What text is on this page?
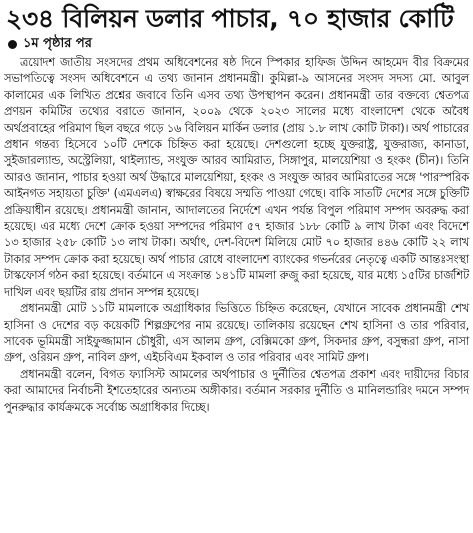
২৩৪ বিলিয়ন ডলার পাচার, ৭০ হাজার কোটি
১ম পৃষ্ঠার পর

ত্রয়োদশ জাতীয় সংসদের প্রথম অধিবেশনের ষষ্ঠ দিনে স্পিকার হাফিজ উদ্দিন আহমেদ বীর বিক্রমের সভাপতিত্বে সংসদ অধিবেশনে এ তথ্য জানান প্রধানমন্ত্রী। কুমিল্লা-৯ আসনের সংসদ সদস্য মো. আবুল কালামের এক লিখিত প্রশ্নের জবাবে তিনি এসব তথ্য উপস্থাপন করেন। প্রধানমন্ত্রী তার বক্তব্যে শ্বেতপত্র প্রণয়ন কমিটির তথ্যের বরাতে জানান, ২০০৯ থেকে ২০২৩ সালের মধ্যে বাংলাদেশ থেকে অবৈধ অর্থপ্রবাহের পরিমাণ ছিল বছরে গড়ে ১৬ বিলিয়ন মার্কিন ডলার (প্রায় ১.৮ লাখ কোটি টাকা)। অর্থ পাচারের প্রধান গন্তব্য হিসেবে ১০টি দেশকে চিহ্নিত করা হয়েছে। দেশগুলো হচ্ছে যুক্তরাষ্ট্র, যুক্তরাজ্য, কানাডা, সুইজারল্যান্ড, অস্ট্রেলিয়া, থাইল্যান্ড, সংযুক্ত আরব আমিরাত, সিঙ্গাপুর, মালয়েশিয়া ও হংকং (চীন)। তিনি আরও জানান, পাচার হওয়া অর্থ উদ্ধারে মালয়েশিয়া, হংকং ও সংযুক্ত আরব আমিরাতের সঙ্গে 'পারস্পরিক আইনগত সহায়তা চুক্তি' (এমএলএ) স্বাক্ষরের বিষয়ে সম্মতি পাওয়া গেছে। বাকি সাতটি দেশের সঙ্গে চুক্তিটি প্রক্রিয়াধীন রয়েছে। প্রধানমন্ত্রী জানান, আদালতের নির্দেশে এখন পর্যন্ত বিপুল পরিমাণ সম্পদ অবরুদ্ধ করা হয়েছে। এর মধ্যে দেশে ক্রোক হওয়া সম্পদের পরিমাণ ৫৭ হাজার ১৮৮ কোটি ৯ লাখ টাকা এবং বিদেশে ১৩ হাজার ২৫৮ কোটি ১৩ লাখ টাকা। অর্থাৎ, দেশ-বিদেশ মিলিয়ে মোট ৭০ হাজার ৪৪৬ কোটি ২২ লাখ টাকার সম্পদ ক্রোক করা হয়েছে। অর্থ পাচার রোধে বাংলাদেশ ব্যাংকের গভর্নরের নেতৃত্বে একটি আন্তঃসংস্থা টাস্কফোর্স গঠন করা হয়েছে। বর্তমানে এ সংক্রান্ত ১৪১টি মামলা রুজু করা হয়েছে, যার মধ্যে ১৫টির চার্জশিট দাখিল এবং ছয়টির রায় প্রদান সম্পন্ন হয়েছে।

প্রধানমন্ত্রী মোট ১১টি মামলাকে অগ্রাধিকার ভিত্তিতে চিহ্নিত করেছেন, যেখানে সাবেক প্রধানমন্ত্রী শেখ হাসিনা ও দেশের বড় কয়েকটি শিল্পগ্রুপের নাম রয়েছে। তালিকায় রয়েছেন শেখ হাসিনা ও তার পরিবার, সাবেক ভূমিমন্ত্রী সাইফুজ্জামান চৌধুরী, এস আলম গ্রুপ, বেক্সিমকো গ্রুপ, সিকদার গ্রুপ, বসুন্ধরা গ্রুপ, নাসা গ্রুপ, ওরিয়ন গ্রুপ, নাবিল গ্রুপ, এইচবিএম ইকবাল ও তার পরিবার এবং সামিট গ্রুপ।

প্রধানমন্ত্রী বলেন, বিগত ফ্যাসিস্ট আমলের অর্থপাচার ও দুর্নীতির শ্বেতপত্র প্রকাশ এবং দায়ীদের বিচার করা আমাদের নির্বাচনী ইশতেহারের অন্যতম অঙ্গীকার। বর্তমান সরকার দুর্নীতি ও মানিলন্ডারিং দমনে সম্পদ পুনরুদ্ধার কার্যক্রমকে সর্বোচ্চ অগ্রাধিকার দিচ্ছে।
